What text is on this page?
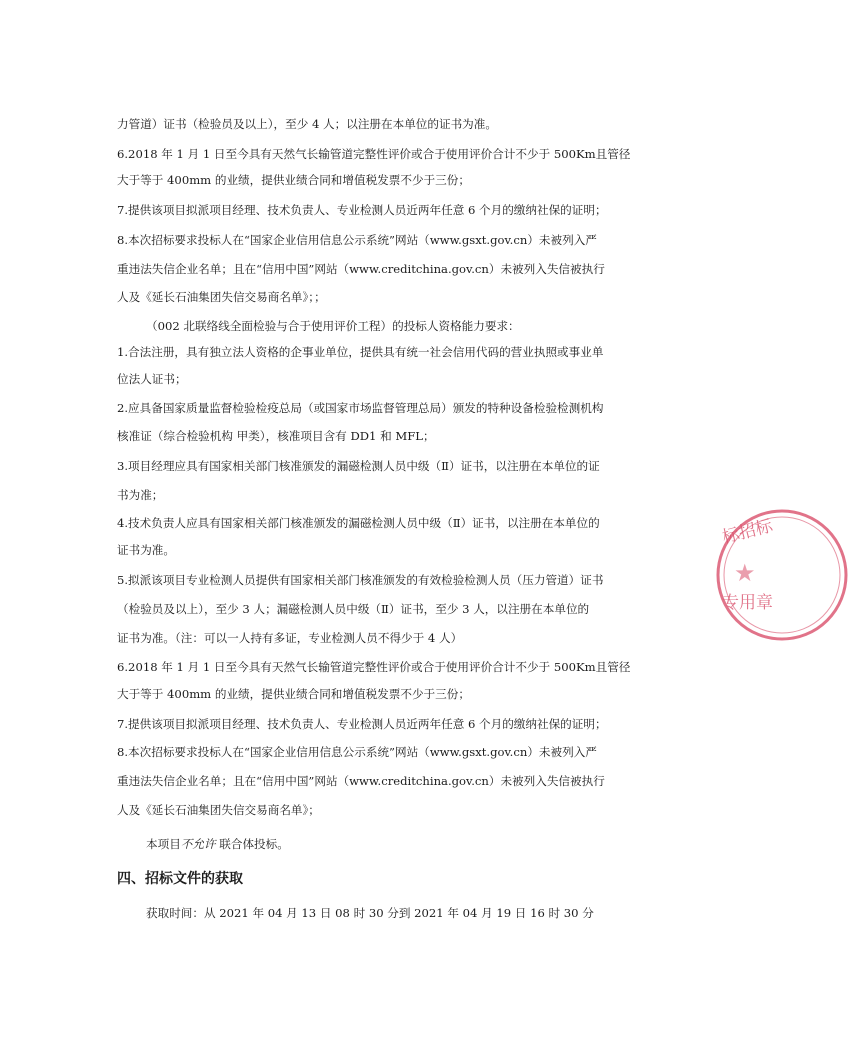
力管道）证书（检验员及以上），至少 4 人；以注册在本单位的证书为准。
6.2018 年 1 月 1 日至今具有天然气长输管道完整性评价或合于使用评价合计不少于 500Km且管径
大于等于 400mm 的业绩，提供业绩合同和增值税发票不少于三份；
7.提供该项目拟派项目经理、技术负责人、专业检测人员近两年任意 6 个月的缴纳社保的证明；
8.本次招标要求投标人在“国家企业信用信息公示系统”网站（www.gsxt.gov.cn）未被列入严
重违法失信企业名单；且在“信用中国”网站（www.creditchina.gov.cn）未被列入失信被执行
人及《延长石油集团失信交易商名单》；；
（002 北联络线全面检验与合于使用评价工程）的投标人资格能力要求：
1.合法注册，具有独立法人资格的企事业单位，提供具有统一社会信用代码的营业执照或事业单
位法人证书；
2.应具备国家质量监督检验检疫总局（或国家市场监督管理总局）颁发的特种设备检验检测机构
核准证（综合检验机构 甲类），核准项目含有 DD1 和 MFL；
3.项目经理应具有国家相关部门核准颁发的漏磁检测人员中级（Ⅱ）证书，以注册在本单位的证
书为准；
4.技术负责人应具有国家相关部门核准颁发的漏磁检测人员中级（Ⅱ）证书，以注册在本单位的
证书为准。
5.拟派该项目专业检测人员提供有国家相关部门核准颁发的有效检验检测人员（压力管道）证书
（检验员及以上），至少 3 人；漏磁检测人员中级（Ⅱ）证书，至少 3 人，以注册在本单位的
证书为准。（注：可以一人持有多证，专业检测人员不得少于 4 人）
6.2018 年 1 月 1 日至今具有天然气长输管道完整性评价或合于使用评价合计不少于 500Km且管径
大于等于 400mm 的业绩，提供业绩合同和增值税发票不少于三份；
7.提供该项目拟派项目经理、技术负责人、专业检测人员近两年任意 6 个月的缴纳社保的证明；
8.本次招标要求投标人在“国家企业信用信息公示系统”网站（www.gsxt.gov.cn）未被列入严
重违法失信企业名单；且在“信用中国”网站（www.creditchina.gov.cn）未被列入失信被执行
人及《延长石油集团失信交易商名单》；
本项目不允许 联合体投标。
四、招标文件的获取
获取时间：从 2021 年 04 月 13 日 08 时 30 分到 2021 年 04 月 19 日 16 时 30 分
标招标
专用章
★
